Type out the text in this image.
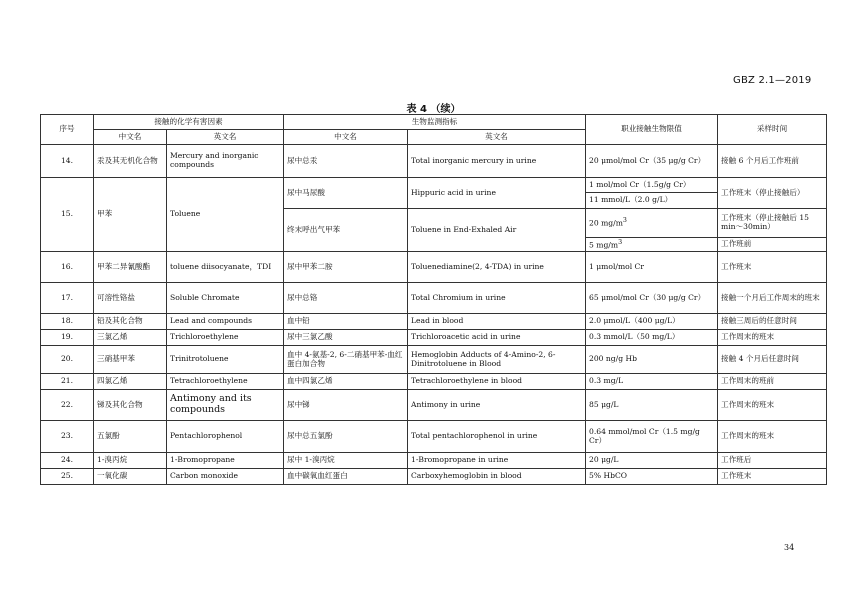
GBZ 2.1—2019
表 4 （续）
序号	接触的化学有害因素		生物监测指标		职业接触生物限值	采样时间
	中文名	英文名	中文名	英文名		
14.	汞及其无机化合物	Mercury and inorganic compounds	尿中总汞	Total inorganic mercury in urine	20 μmol/mol Cr（35 μg/g Cr）	接触 6 个月后工作班前
15.	甲苯	Toluene	尿中马尿酸	Hippuric acid in urine	1 mol/mol Cr（1.5g/g Cr）	工作班末（停止接触后）
					11 mmol/L（2.0 g/L）	
			终末呼出气甲苯	Toluene in End-Exhaled Air	20 $mg/m^3$	工作班末（停止接触后 15 min～30min）
					5 $mg/m^3$	工作班前
16.	甲苯二异氰酸酯	toluene diisocyanate，TDI	尿中甲苯二胺	Toluenediamine(2, 4-TDA) in urine	1 μmol/mol Cr	工作班末
17.	可溶性铬盐	Soluble Chromate	尿中总铬	Total Chromium in urine	65 μmol/mol Cr（30 μg/g Cr）	接触一个月后工作周末的班末
18.	铅及其化合物	Lead and compounds	血中铅	Lead in blood	2.0 μmol/L（400 μg/L）	接触三周后的任意时间
19.	三氯乙烯	Trichloroethylene	尿中三氯乙酸	Trichloroacetic acid in urine	0.3 mmol/L（50 mg/L）	工作周末的班末
20.	三硝基甲苯	Trinitrotoluene	血中 4-氨基-2, 6-二硝基甲苯-血红蛋白加合物	Hemoglobin Adducts of 4-Amino-2, 6-Dinitrotoluene in Blood	200 ng/g Hb	接触 4 个月后任意时间
21.	四氯乙烯	Tetrachloroethylene	血中四氯乙烯	Tetrachloroethylene in blood	0.3 mg/L	工作周末的班前
22.	锑及其化合物	Antimony and its compounds	尿中锑	Antimony in urine	85 μg/L	工作周末的班末
23.	五氯酚	Pentachlorophenol	尿中总五氯酚	Total pentachlorophenol in urine	0.64 mmol/mol Cr（1.5 mg/g Cr）	工作周末的班末
24.	1-溴丙烷	1-Bromopropane	尿中 1-溴丙烷	1-Bromopropane in urine	20 μg/L	工作班后
25.	一氧化碳	Carbon monoxide	血中碳氧血红蛋白	Carboxyhemoglobin in blood	5% HbCO	工作班末
34
